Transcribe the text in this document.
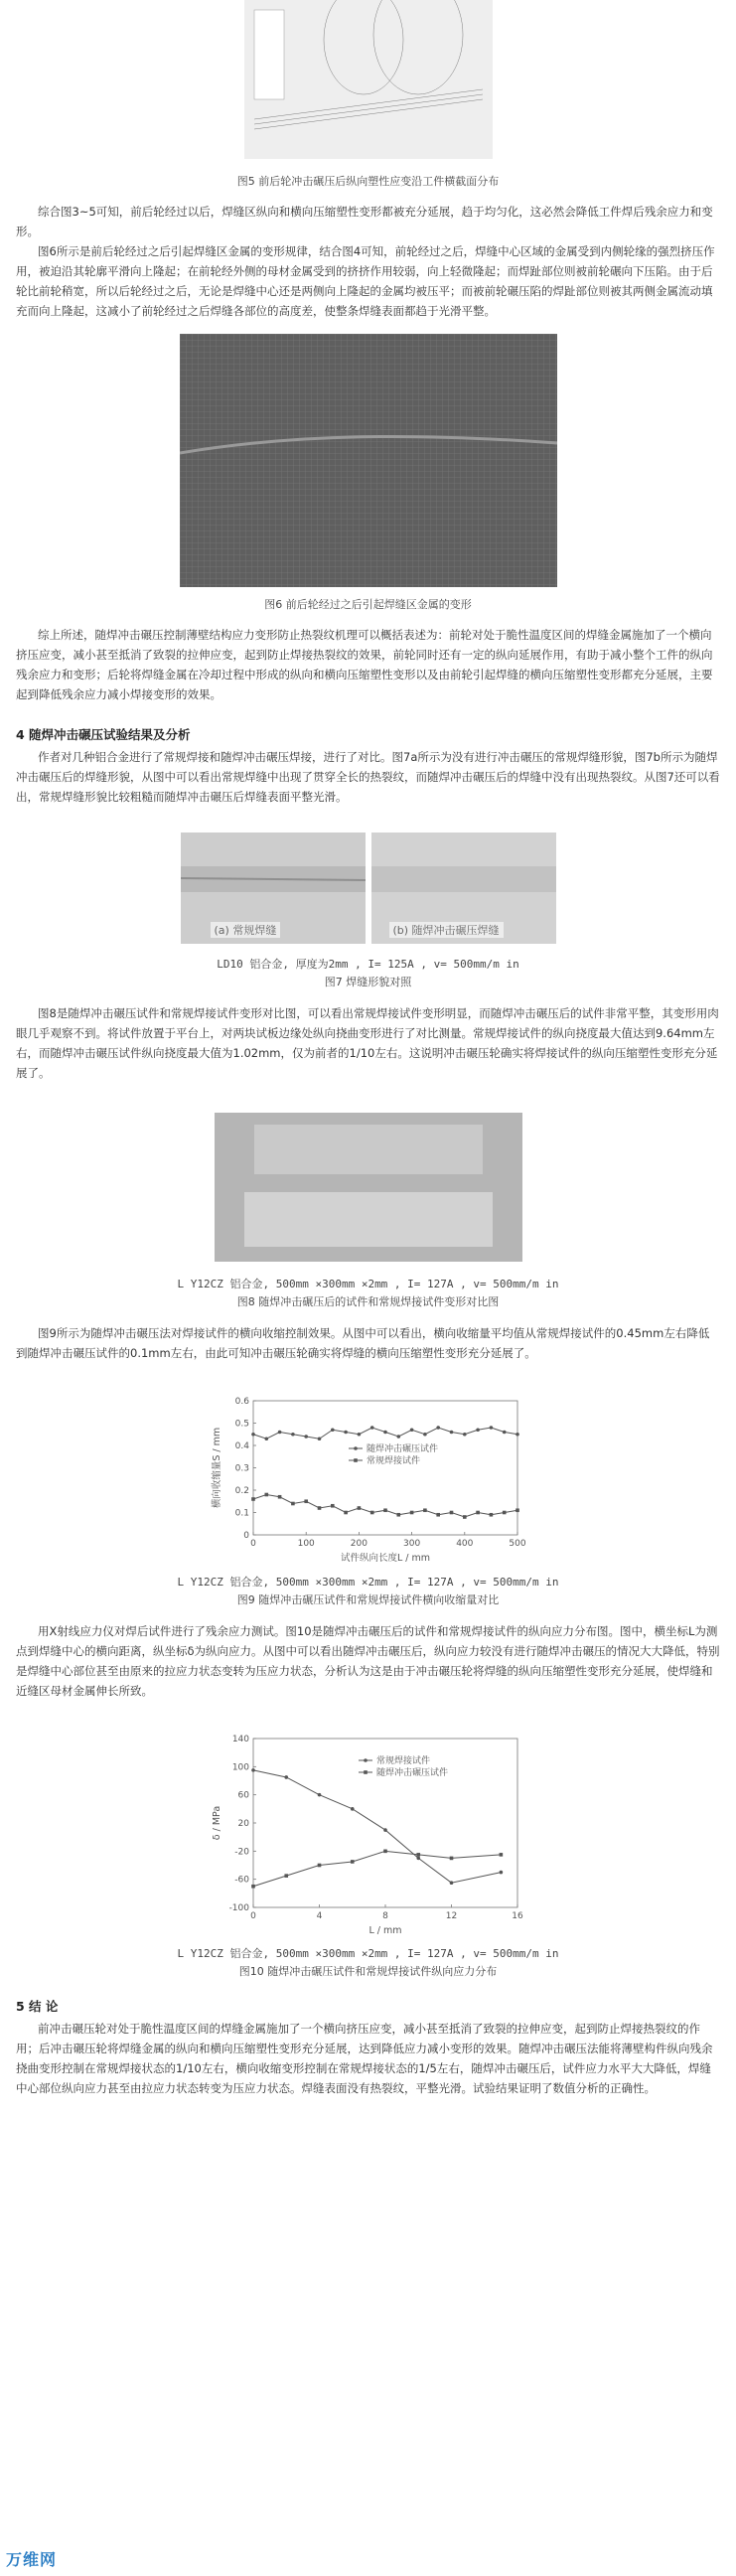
图5 前后轮冲击碾压后纵向塑性应变沿工件横截面分布
综合图3~5可知，前后轮经过以后，焊缝区纵向和横向压缩塑性变形都被充分延展，趋于均匀化，这必然会降低工件焊后残余应力和变形。
图6所示是前后轮经过之后引起焊缝区金属的变形规律，结合图4可知，前轮经过之后，焊缝中心区域的金属受到内侧轮缘的强烈挤压作用，被迫沿其轮廓平滑向上隆起；在前轮经外侧的母材金属受到的挤挤作用较弱，向上轻微隆起；而焊趾部位则被前轮碾向下压陷。由于后轮比前轮稍宽，所以后轮经过之后，无论是焊缝中心还是两侧向上隆起的金属均被压平；而被前轮碾压陷的焊趾部位则被其两侧金属流动填充而向上隆起，这减小了前轮经过之后焊缝各部位的高度差，使整条焊缝表面都趋于光滑平整。
图6 前后轮经过之后引起焊缝区金属的变形
综上所述，随焊冲击碾压控制薄壁结构应力变形防止热裂纹机理可以概括表述为：前轮对处于脆性温度区间的焊缝金属施加了一个横向挤压应变，减小甚至抵消了致裂的拉伸应变，起到防止焊接热裂纹的效果，前轮同时还有一定的纵向延展作用，有助于减小整个工件的纵向残余应力和变形；后轮将焊缝金属在冷却过程中形成的纵向和横向压缩塑性变形以及由前轮引起焊缝的横向压缩塑性变形都充分延展，主要起到降低残余应力减小焊接变形的效果。
4 随焊冲击碾压试验结果及分析
作者对几种铝合金进行了常规焊接和随焊冲击碾压焊接，进行了对比。图7a所示为没有进行冲击碾压的常规焊缝形貌，图7b所示为随焊冲击碾压后的焊缝形貌，从图中可以看出常规焊缝中出现了贯穿全长的热裂纹，而随焊冲击碾压后的焊缝中没有出现热裂纹。从图7还可以看出，常规焊缝形貌比较粗糙而随焊冲击碾压后焊缝表面平整光滑。
(a) 常规焊缝	(b) 随焊冲击碾压焊缝
LD10 铝合金, 厚度为2mm , I= 125A , v= 500mm/m in
图7 焊缝形貌对照
图8是随焊冲击碾压试件和常规焊接试件变形对比图，可以看出常规焊接试件变形明显，而随焊冲击碾压后的试件非常平整，其变形用肉眼几乎观察不到。将试件放置于平台上，对两块试板边缘处纵向挠曲变形进行了对比测量。常规焊接试件的纵向挠度最大值达到9.64mm左右，而随焊冲击碾压试件纵向挠度最大值为1.02mm，仅为前者的1/10左右。这说明冲击碾压轮确实将焊接试件的纵向压缩塑性变形充分延展了。
L Y12CZ 铝合金, 500mm ×300mm ×2mm , I= 127A , v= 500mm/m in
图8 随焊冲击碾压后的试件和常规焊接试件变形对比图
图9所示为随焊冲击碾压法对焊接试件的横向收缩控制效果。从图中可以看出，横向收缩量平均值从常规焊接试件的0.45mm左右降低到随焊冲击碾压试件的0.1mm左右，由此可知冲击碾压轮确实将焊缝的横向压缩塑性变形充分延展了。
0	100	200	300	400	500
0
0.1
0.2
0.3
0.4
0.5
0.6
试件纵向长度L / mm
横向收缩量S / mm	随焊冲击碾压试件
常规焊接试件
L Y12CZ 铝合金, 500mm ×300mm ×2mm , I= 127A , v= 500mm/m in
图9 随焊冲击碾压试件和常规焊接试件横向收缩量对比
用X射线应力仪对焊后试件进行了残余应力测试。图10是随焊冲击碾压后的试件和常规焊接试件的纵向应力分布图。图中，横坐标L为测点到焊缝中心的横向距离，纵坐标δ为纵向应力。从图中可以看出随焊冲击碾压后，纵向应力较没有进行随焊冲击碾压的情况大大降低，特别是焊缝中心部位甚至由原来的拉应力状态变转为压应力状态，分析认为这是由于冲击碾压轮将焊缝的纵向压缩塑性变形充分延展，使焊缝和近缝区母材金属伸长所致。
0	4	8	12	16
-100
-60
-20
20
60
100
140
L / mm
δ / MPa
常规焊接试件
随焊冲击碾压试件
L Y12CZ 铝合金, 500mm ×300mm ×2mm , I= 127A , v= 500mm/m in
图10 随焊冲击碾压试件和常规焊接试件纵向应力分布
5 结 论
前冲击碾压轮对处于脆性温度区间的焊缝金属施加了一个横向挤压应变，减小甚至抵消了致裂的拉伸应变，起到防止焊接热裂纹的作用；后冲击碾压轮将焊缝金属的纵向和横向压缩塑性变形充分延展，达到降低应力减小变形的效果。随焊冲击碾压法能将薄壁构件纵向残余挠曲变形控制在常规焊接状态的1/10左右，横向收缩变形控制在常规焊接状态的1/5左右，随焊冲击碾压后，试件应力水平大大降低，焊缝中心部位纵向应力甚至由拉应力状态转变为压应力状态。焊缝表面没有热裂纹，平整光滑。试验结果证明了数值分析的正确性。
万维网
